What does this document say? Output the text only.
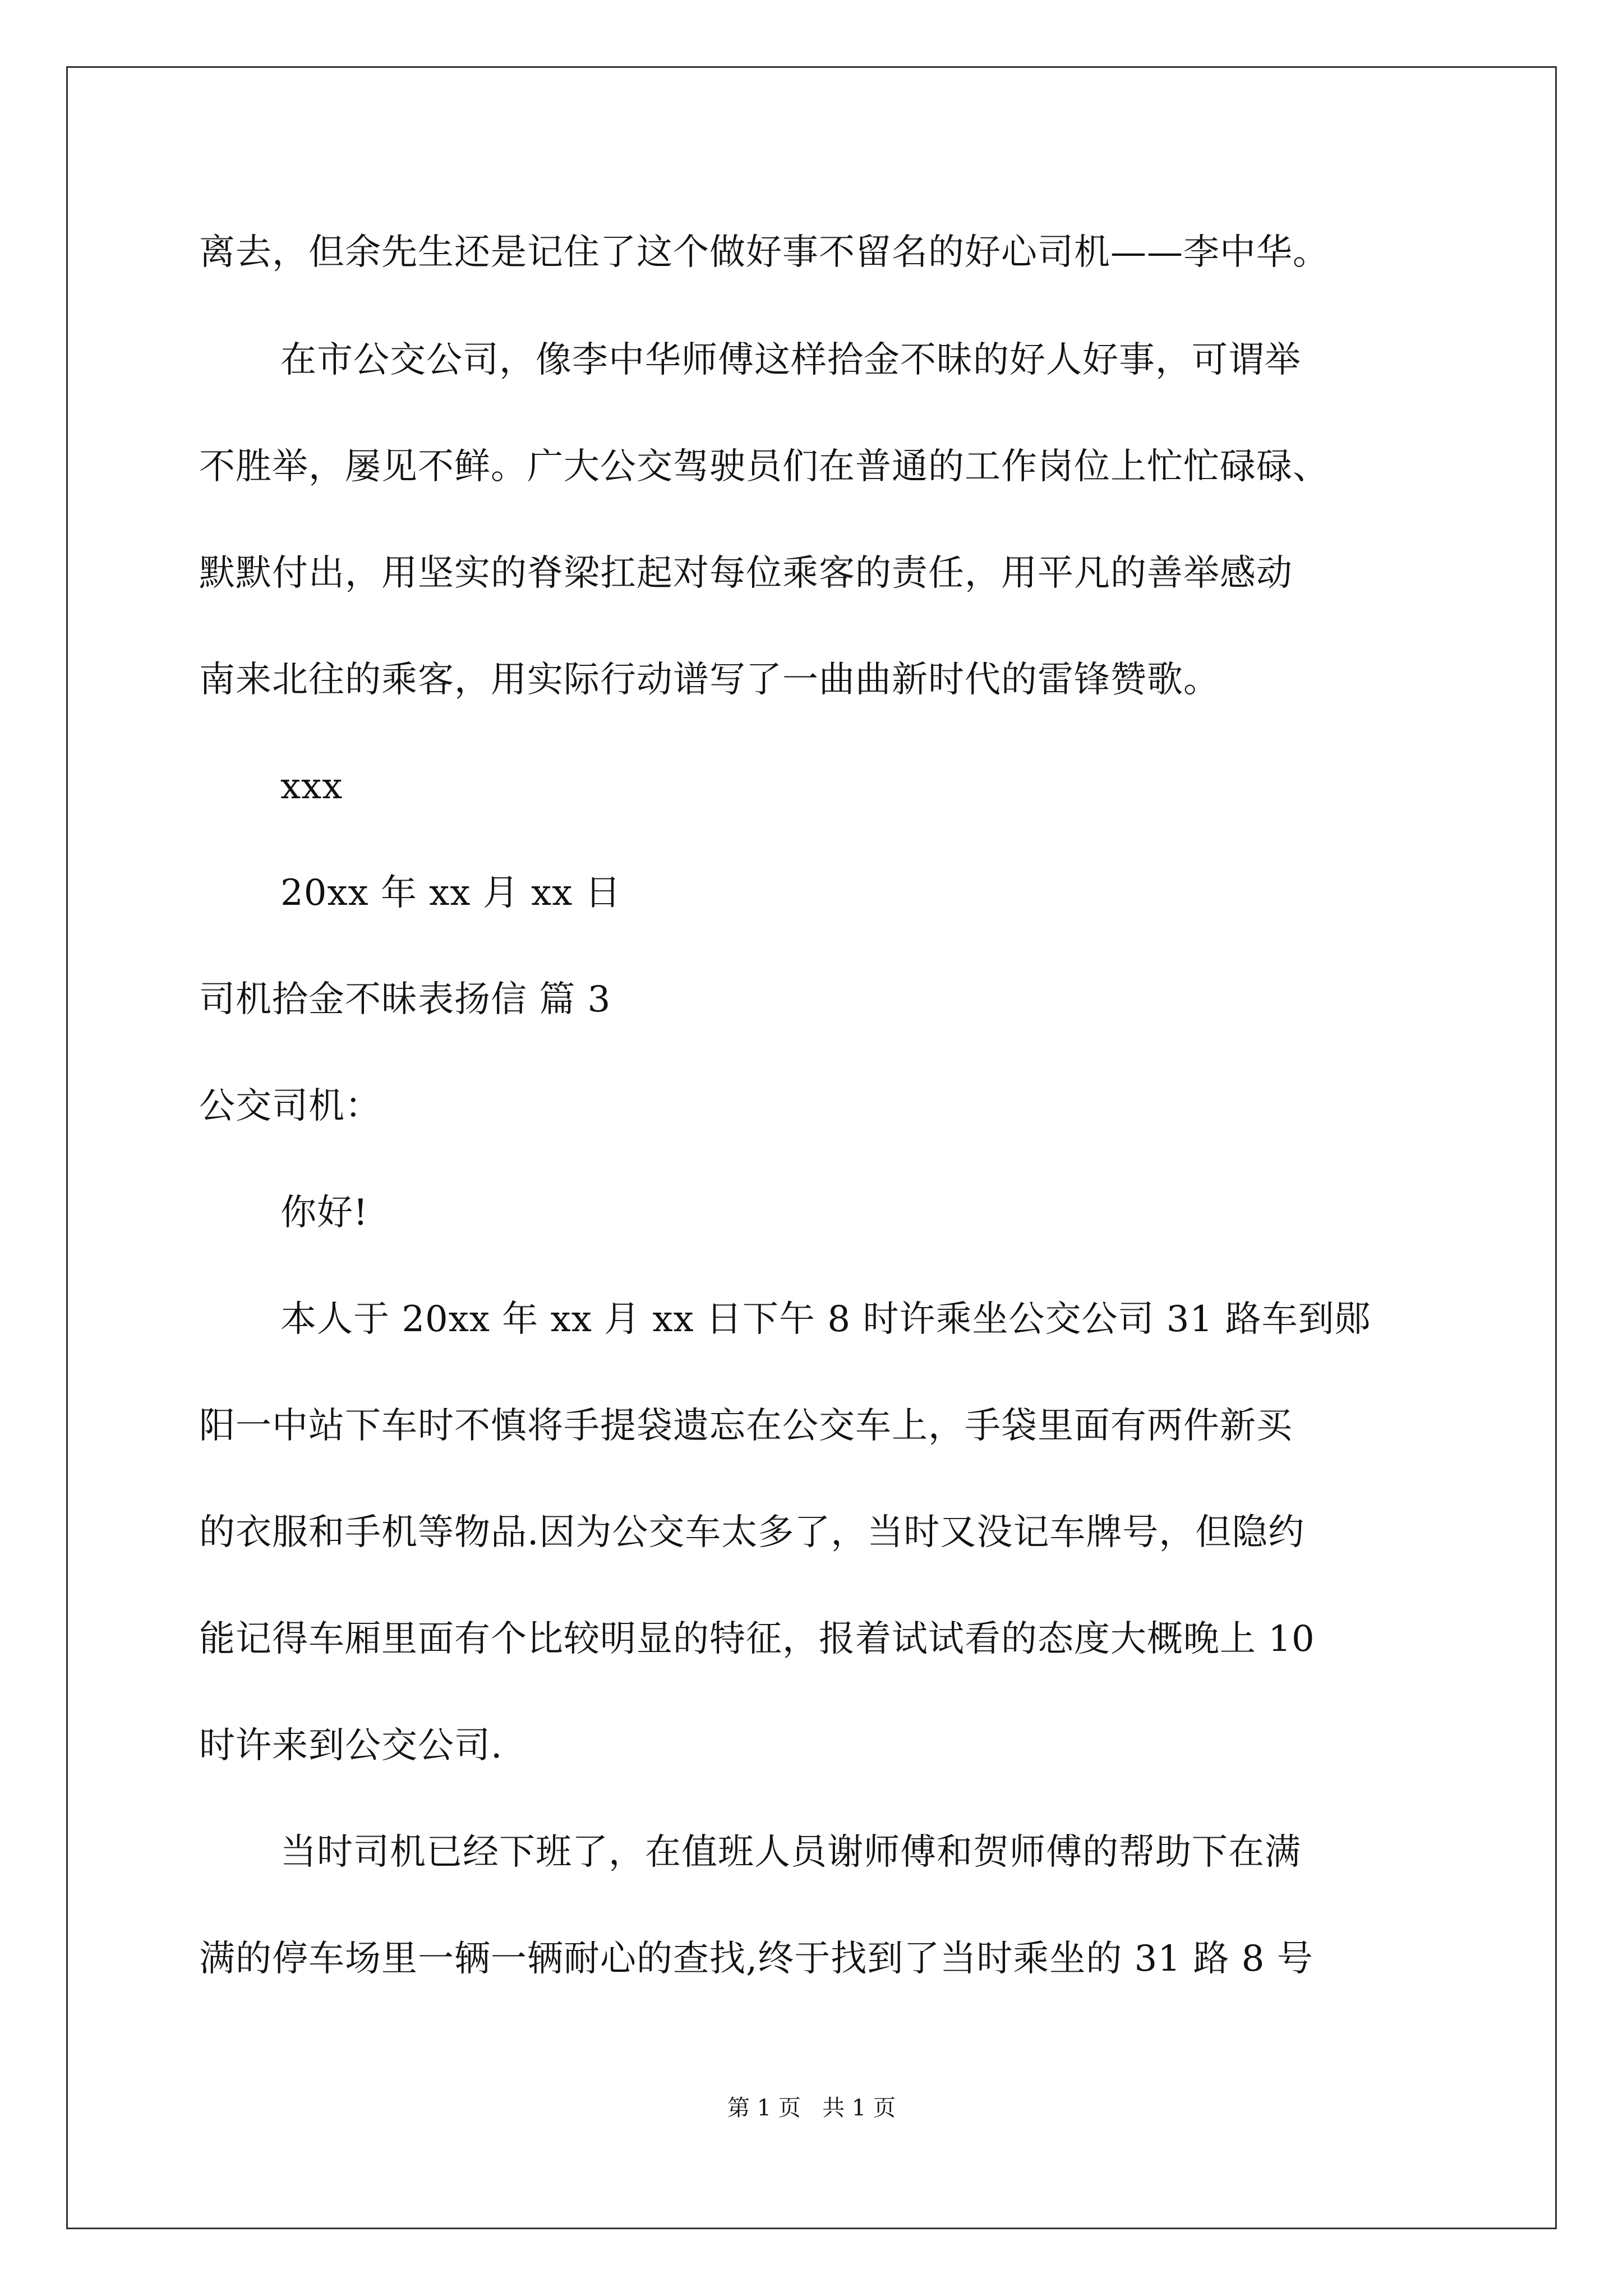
离去，但余先生还是记住了这个做好事不留名的好心司机——李中华。
在市公交公司，像李中华师傅这样拾金不昧的好人好事，可谓举
不胜举，屡见不鲜。广大公交驾驶员们在普通的工作岗位上忙忙碌碌、
默默付出，用坚实的脊梁扛起对每位乘客的责任，用平凡的善举感动
南来北往的乘客，用实际行动谱写了一曲曲新时代的雷锋赞歌。
xxx
20xx 年 xx 月 xx 日
司机拾金不昧表扬信 篇 3
公交司机：
你好!
本人于 20xx 年 xx 月 xx 日下午 8 时许乘坐公交公司 31 路车到郧
阳一中站下车时不慎将手提袋遗忘在公交车上，手袋里面有两件新买
的衣服和手机等物品.因为公交车太多了，当时又没记车牌号，但隐约
能记得车厢里面有个比较明显的特征，报着试试看的态度大概晚上 10
时许来到公交公司.
当时司机已经下班了，在值班人员谢师傅和贺师傅的帮助下在满
满的停车场里一辆一辆耐心的查找,终于找到了当时乘坐的 31 路 8 号
第 1 页   共 1 页
